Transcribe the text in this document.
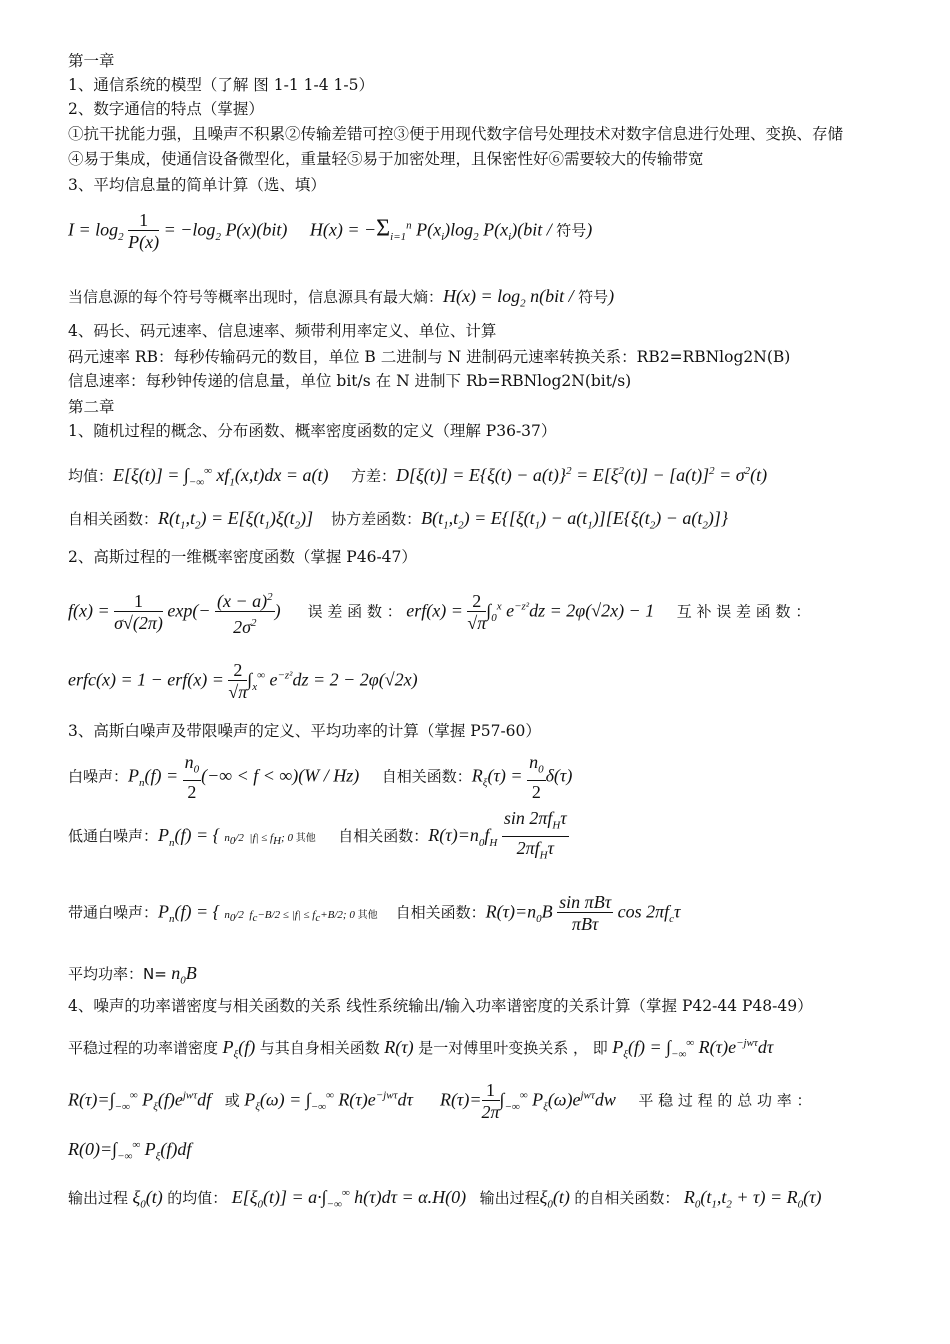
第一章
1、通信系统的模型（了解 图 1-1 1-4 1-5）
2、数字通信的特点（掌握）
①抗干扰能力强，且噪声不积累②传输差错可控③便于用现代数字信号处理技术对数字信息进行处理、变换、存储
④易于集成，使通信设备微型化，重量轻⑤易于加密处理，且保密性好⑥需要较大的传输带宽
3、平均信息量的简单计算（选、填）
$I = \log_2 \frac{1}{P(x)} = -\log_2$ P(x)(bit)     $H(x) = -\Sigma_{i=1}^n$ $P(x_i)\log_2$ $P(x_i)(bit$ / 符号)
当信息源的每个符号等概率出现时，信息源具有最大熵：$H(x) = \log_2 n(bit$ / 符号)
4、码长、码元速率、信息速率、频带利用率定义、单位、计算
码元速率 RB：每秒传输码元的数目，单位 B 二进制与 N 进制码元速率转换关系：RB2=RBNlog2N(B)
信息速率：每秒钟传递的信息量，单位 bit/s 在 N 进制下 Rb=RBNlog2N(bit/s)
第二章
1、随机过程的概念、分布函数、概率密度函数的定义（理解 P36-37）
均值：$E[\xi(t)] = \int_{-\infty}^\infty$ $xf_1(x,t)dx = a(t)$     方差：$D[\xi(t)] = E\{\xi(t) - a(t)\}^2 = E[\xi^2(t)] - [a(t)]^2 = \sigma^2(t)$
自相关函数：$R(t_1,t_2) = E[\xi(t_1)\xi(t_2)]$    协方差函数：$B(t_1,t_2) = E\{[\xi(t_1) - a(t_1)][E\{\xi(t_2) - a(t_2)]\}$
2、高斯过程的一维概率密度函数（掌握 P46-47）
$f(x) = \frac{1}{\sigma√(2\pi)} \exp(- \frac{(x - a)^2}{2\sigma^2}$ )      误 差 函 数 ： $erf(x) = \frac{2}{√\pi} \int_0^x$ $e^{-z^2}dz = 2\varphi(√2x) - 1$     互 补 误 差 函 数 ：
erfc(x) = $1 - erf(x) = \frac{2}{√\pi} \int_x^\infty$ $e^{-z^2}dz = 2 - 2\varphi(√2x)$
3、高斯白噪声及带限噪声的定义、平均功率的计算（掌握 P57-60）
白噪声：$P_n(f) = \frac{n_0}{2}$ (−∞ < f < ∞)(W / Hz)     自相关函数：$R_\xi(\tau) = \frac{n_0}{2} \delta(\tau)$
低通白噪声：$P_n(f)$ = { $n_0/2$  $|f| \le f_H$; 0 其他 自相关函数：$R(\tau)=n_0f_H \frac{\sin 2\pi f_H\tau}{2\pi f_H\tau}$
带通白噪声：$P_n(f)$ = { $n_0/2$  $f_c-B/2 \le |f| \le f_c+B/2$; 0 其他 自相关函数：$R(\tau)=n_0B \frac{\text{sin πBτ}}{\text{πBτ}}$ $\cos 2\pi f_c\tau$
平均功率：$N= n_0B$
4、噪声的功率谱密度与相关函数的关系 线性系统输出/输入功率谱密度的关系计算（掌握 P42-44 P48-49）
平稳过程的功率谱密度 $P_\xi(f)$ 与其自身相关函数 R(τ) 是一对傅里叶变换关系 ， 即 $P_\xi(f) = \int_{-\infty}^\infty$ $R(\tau)e^{-jw\tau}d\tau$
$R(\tau)=\int_{-\infty}^\infty$ $P_\xi(f)e^{jw\tau}df$   或 $P_\xi(\omega) = \int_{-\infty}^\infty$ $R(\tau)e^{-jw\tau}d\tau$      $R(\tau)= \frac{1}{2\pi} \int_{-\infty}^\infty$ $P_\xi(\omega)e^{jw\tau}dw$     平 稳 过 程 的 总 功 率 ：
$R(0)=\int_{-\infty}^\infty$ $P_\xi(f)df$
输出过程 $\xi_0(t)$ 的均值： $E[\xi_0(t)] = a\cdot\int_{-\infty}^\infty$ h(τ)dτ = α.H(0)   输出过程$\xi_0(t)$ 的自相关函数： $R_0(t_1,t_2 + \tau) = R_0(\tau)$
